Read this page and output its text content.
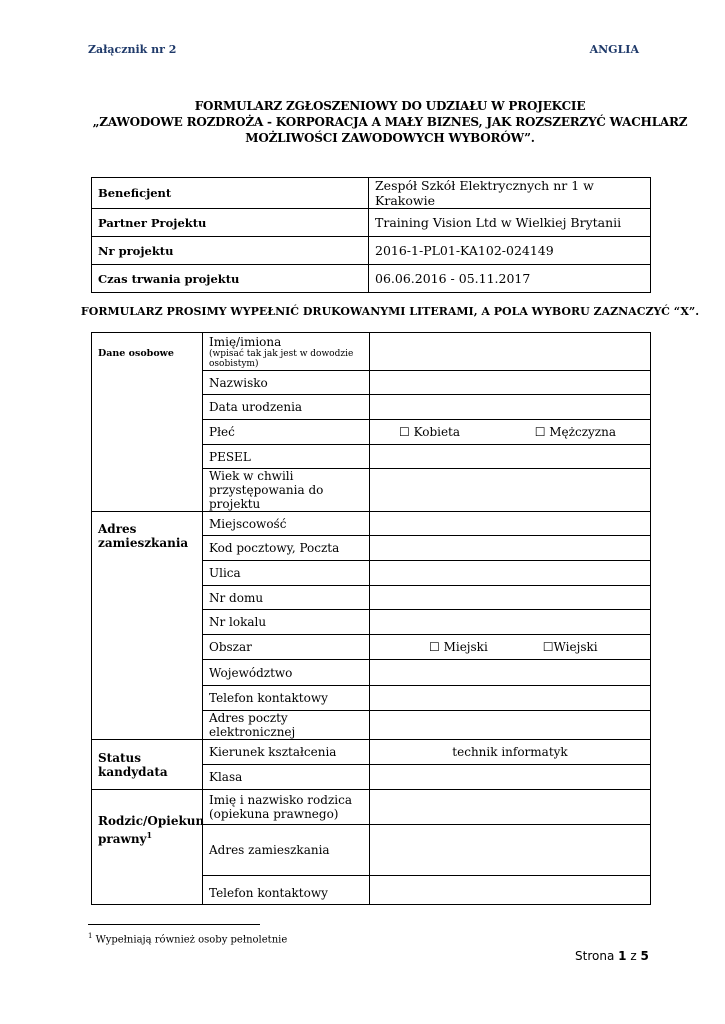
Załącznik nr 2	ANGLIA
FORMULARZ ZGŁOSZENIOWY DO UDZIAŁU W PROJEKCIE
„ZAWODOWE ROZDROŻA - KORPORACJA A MAŁY BIZNES, JAK ROZSZERZYĆ WACHLARZ
MOŻLIWOŚCI ZAWODOWYCH WYBORÓW”.
Beneficjent	Zespół Szkół Elektrycznych nr 1 w Krakowie
Partner Projektu	Training Vision Ltd w Wielkiej Brytanii
Nr projektu	2016-1-PL01-KA102-024149
Czas trwania projektu	06.06.2016 - 05.11.2017
FORMULARZ PROSIMY WYPEŁNIĆ DRUKOWANYMI LITERAMI, A POLA WYBORU ZAZNACZYĆ “X”.
Dane osobowe	Imię/imiona
(wpisać tak jak jest w dowodzie osobistym)	

	Nazwisko	
	Data urodzenia	
	Płeć	☐ Kobieta ☐ Mężczyzna

	PESEL	
	Wiek w chwili przystępowania do projektu	
Adres zamieszkania	Miejscowość	
	Kod pocztowy, Poczta	
	Ulica	
	Nr domu	
	Nr lokalu	
	Obszar	☐ Miejski ☐Wiejski

	Województwo	
	Telefon kontaktowy	
	Adres poczty elektronicznej	
Status kandydata	Kierunek kształcenia	technik informatyk
	Klasa	
Rodzic/Opiekun prawny$^1$	Imię i nazwisko rodzica (opiekuna prawnego)	
	Adres zamieszkania	
	Telefon kontaktowy	
$^1$ Wypełniają również osoby pełnoletnie
Strona 1 z 5
